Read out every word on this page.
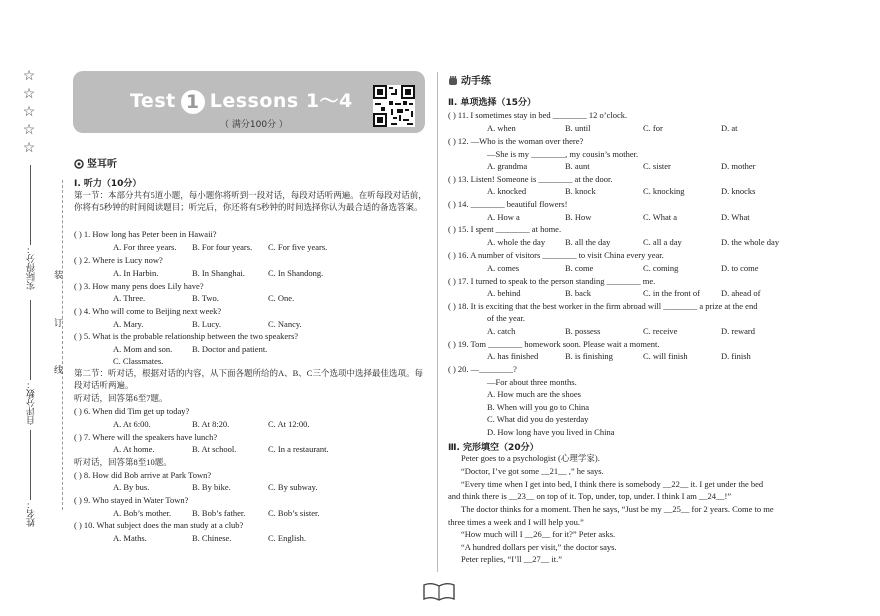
☆
☆
☆
☆
☆
实际得分：
自评分数：
姓名：
装
订
线
Test 1 Lessons 1～4
（ 满分100分 ）
竖耳听
Ⅰ. 听力（10分）
第一节：本部分共有5道小题，每小题你将听到一段对话，每段对话听两遍。在听每段对话前，你将有5秒钟的时间阅读题目；听完后，你还将有5秒钟的时间选择你认为最合适的备选答案。
( ) 1. How long has Peter been in Hawaii?
A. For three years. B. For four years. C. For five years.
( ) 2. Where is Lucy now?
A. In Harbin.	B. In Shanghai.	C. In Shandong.
( ) 3. How many pens does Lily have?
A. Three.	B. Two.	C. One.
( ) 4. Who will come to Beijing next week?
A. Mary.	B. Lucy.	C. Nancy.
( ) 5. What is the probable relationship between the two speakers?
A. Mom and son. B. Doctor and patient.
C. Classmates.
第二节：听对话，根据对话的内容，从下面各题所给的A、B、C三个选项中选择最佳选项。每段对话听两遍。
听对话，回答第6至7题。
( ) 6. When did Tim get up today?
A. At 6:00.	B. At 8:20.	C. At 12:00.
( ) 7. Where will the speakers have lunch?
A. At home.	B. At school.	C. In a restaurant.
听对话，回答第8至10题。
( ) 8. How did Bob arrive at Park Town?
A. By bus.	B. By bike.	C. By subway.
( ) 9. Who stayed in Water Town?
A. Bob’s mother. B. Bob’s father.	C. Bob’s sister.
( ) 10. What subject does the man study at a club?
A. Maths.	B. Chinese.	C. English.
动手练
Ⅱ. 单项选择（15分）
( ) 11. I sometimes stay in bed ________ 12 o’clock.
A. when	B. until	C. for	D. at
( ) 12. —Who is the woman over there?
—She is my ________, my cousin’s mother.
A. grandma	B. aunt	C. sister	D. mother
( ) 13. Listen! Someone is ________ at the door.
A. knocked	B. knock	C. knocking	D. knocks
( ) 14. ________ beautiful flowers!
A. How a	B. How	C. What a	D. What
( ) 15. I spent ________ at home.
A. whole the day B. all the day	C. all a day	D. the whole day
( ) 16. A number of visitors ________ to visit China every year.
A. comes	B. come	C. coming	D. to come
( ) 17. I turned to speak to the person standing ________ me.
A. behind	B. back	C. in the front of D. ahead of
( ) 18. It is exciting that the best worker in the firm abroad will ________ a prize at the end
of the year.
A. catch	B. possess	C. receive	D. reward
( ) 19. Tom ________ homework soon. Please wait a moment.
A. has finished	B. is finishing	C. will finish	D. finish
( ) 20. —________?
—For about three months.
A. How much are the shoes
B. When will you go to China
C. What did you do yesterday
D. How long have you lived in China
Ⅲ. 完形填空（20分）
Peter goes to a psychologist (心理学家).
“Doctor, I’ve got some __21__ ,” he says.
“Every time when I get into bed, I think there is somebody __22__ it. I get under the bed
and think there is __23__ on top of it. Top, under, top, under. I think I am __24__!”
The doctor thinks for a moment. Then he says, “Just be my __25__ for 2 years. Come to me
three times a week and I will help you.”
“How much will I __26__ for it?” Peter asks.
“A hundred dollars per visit,” the doctor says.
Peter replies, “I’ll __27__ it.”
